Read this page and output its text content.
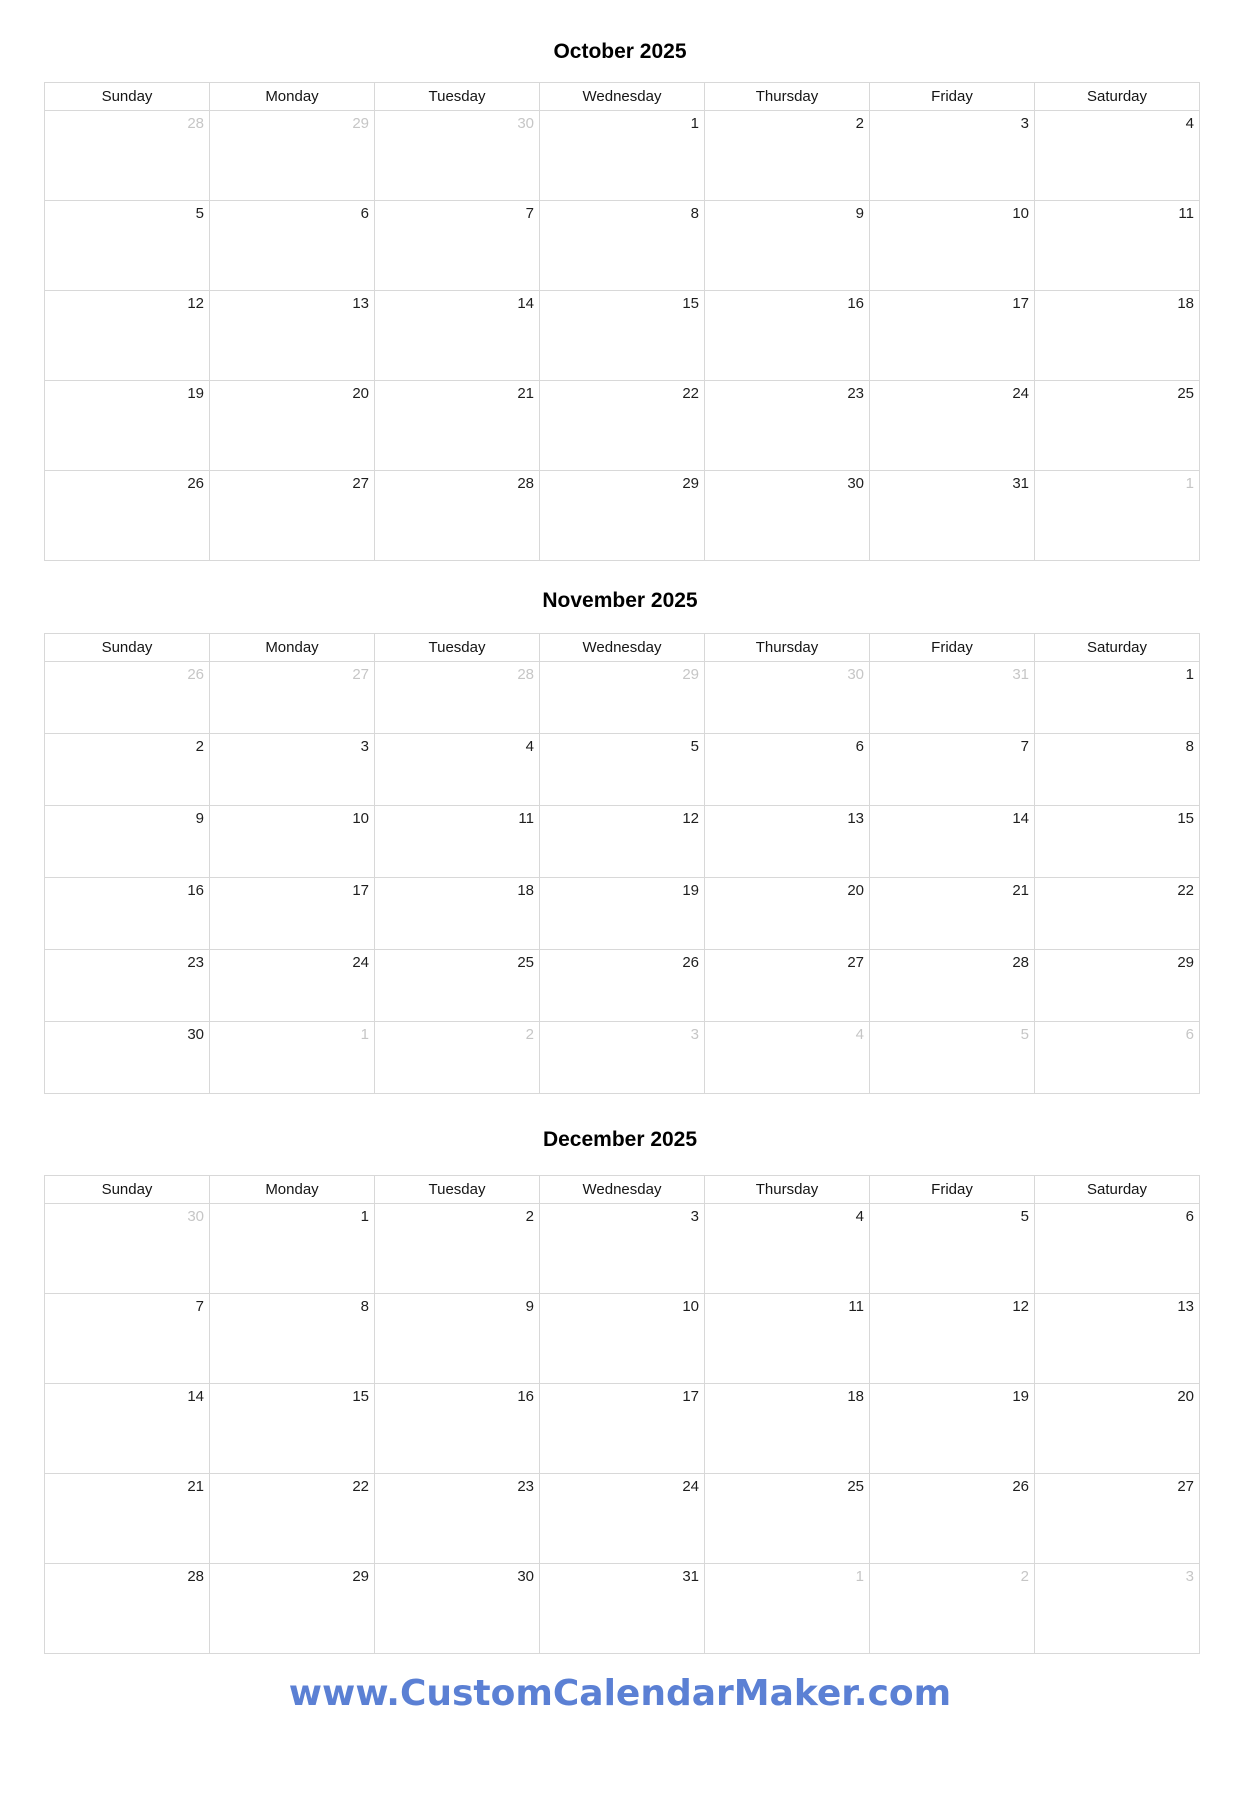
October 2025
Sunday	Monday	Tuesday	Wednesday	Thursday	Friday	Saturday
28	29	30	1	2	3	4
5	6	7	8	9	10	11
12	13	14	15	16	17	18
19	20	21	22	23	24	25
26	27	28	29	30	31	1
November 2025
Sunday	Monday	Tuesday	Wednesday	Thursday	Friday	Saturday
26	27	28	29	30	31	1
2	3	4	5	6	7	8
9	10	11	12	13	14	15
16	17	18	19	20	21	22
23	24	25	26	27	28	29
30	1	2	3	4	5	6
December 2025
Sunday	Monday	Tuesday	Wednesday	Thursday	Friday	Saturday
30	1	2	3	4	5	6
7	8	9	10	11	12	13
14	15	16	17	18	19	20
21	22	23	24	25	26	27
28	29	30	31	1	2	3
www.CustomCalendarMaker.com
